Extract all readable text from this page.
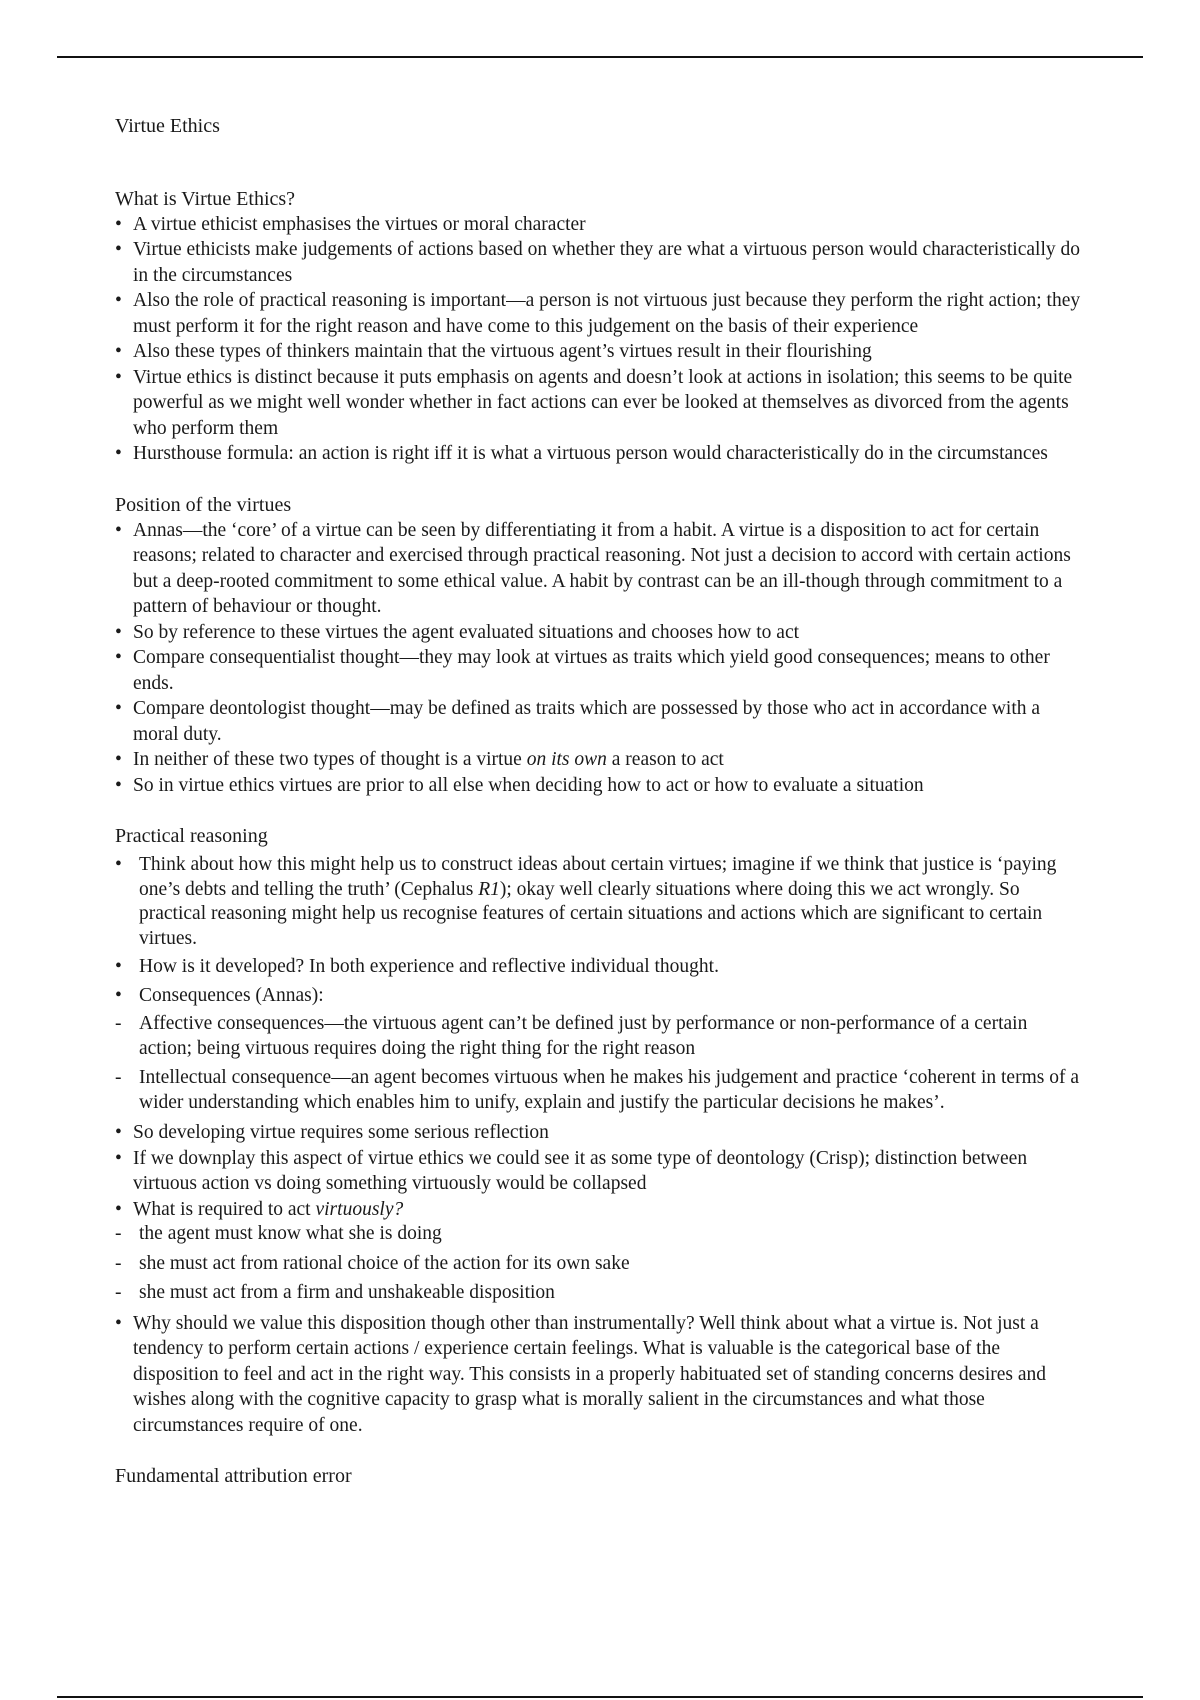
Virtue Ethics
What is Virtue Ethics?
• A virtue ethicist emphasises the virtues or moral character
• Virtue ethicists make judgements of actions based on whether they are what a virtuous person would characteristically do in the circumstances
• Also the role of practical reasoning is important—a person is not virtuous just because they perform the right action; they must perform it for the right reason and have come to this judgement on the basis of their experience
• Also these types of thinkers maintain that the virtuous agent’s virtues result in their flourishing
• Virtue ethics is distinct because it puts emphasis on agents and doesn’t look at actions in isolation; this seems to be quite powerful as we might well wonder whether in fact actions can ever be looked at themselves as divorced from the agents who perform them
• Hursthouse formula: an action is right iff it is what a virtuous person would characteristically do in the circumstances
Position of the virtues
• Annas—the ‘core’ of a virtue can be seen by differentiating it from a habit. A virtue is a disposition to act for certain reasons; related to character and exercised through practical reasoning. Not just a decision to accord with certain actions but a deep-rooted commitment to some ethical value. A habit by contrast can be an ill-though through commitment to a pattern of behaviour or thought.
• So by reference to these virtues the agent evaluated situations and chooses how to act
• Compare consequentialist thought—they may look at virtues as traits which yield good consequences; means to other ends.
• Compare deontologist thought—may be defined as traits which are possessed by those who act in accordance with a moral duty.
• In neither of these two types of thought is a virtue on its own a reason to act
• So in virtue ethics virtues are prior to all else when deciding how to act or how to evaluate a situation
Practical reasoning
• Think about how this might help us to construct ideas about certain virtues; imagine if we think that justice is ‘paying one’s debts and telling the truth’ (Cephalus R1); okay well clearly situations where doing this we act wrongly. So practical reasoning might help us recognise features of certain situations and actions which are significant to certain virtues.
• How is it developed? In both experience and reflective individual thought.
• Consequences (Annas):
- Affective consequences—the virtuous agent can’t be defined just by performance or non-performance of a certain action; being virtuous requires doing the right thing for the right reason
- Intellectual consequence—an agent becomes virtuous when he makes his judgement and practice ‘coherent in terms of a wider understanding which enables him to unify, explain and justify the particular decisions he makes’.
• So developing virtue requires some serious reflection
• If we downplay this aspect of virtue ethics we could see it as some type of deontology (Crisp); distinction between virtuous action vs doing something virtuously would be collapsed
• What is required to act virtuously?
- the agent must know what she is doing
- she must act from rational choice of the action for its own sake
- she must act from a firm and unshakeable disposition
• Why should we value this disposition though other than instrumentally? Well think about what a virtue is. Not just a tendency to perform certain actions / experience certain feelings. What is valuable is the categorical base of the disposition to feel and act in the right way. This consists in a properly habituated set of standing concerns desires and wishes along with the cognitive capacity to grasp what is morally salient in the circumstances and what those circumstances require of one.
Fundamental attribution error
